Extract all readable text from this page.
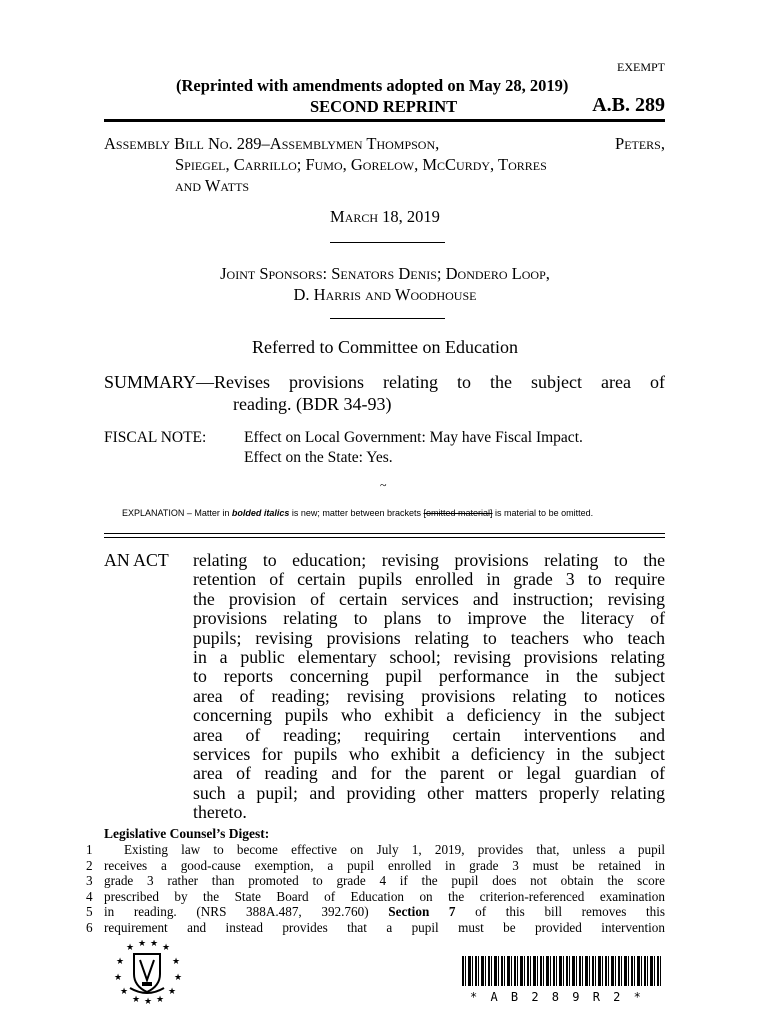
EXEMPT
(Reprinted with amendments adopted on May 28, 2019)
SECOND REPRINT	A.B. 289
Assembly Bill No. 289–Assemblymen Thompson,	Peters,
Spiegel, Carrillo; Fumo, Gorelow, McCurdy, Torres
and Watts
March 18, 2019
Joint Sponsors: Senators Denis; Dondero Loop,
D. Harris and Woodhouse
Referred to Committee on Education
SUMMARY—Revises provisions relating to the subject area of
reading. (BDR 34-93)
FISCAL NOTE: Effect on Local Government: May have Fiscal Impact.
Effect on the State: Yes.
~
EXPLANATION – Matter in bolded italics is new; matter between brackets [omitted material] is material to be omitted.
AN ACT relating to education; revising provisions relating to the
retention of certain pupils enrolled in grade 3 to require
the provision of certain services and instruction; revising
provisions relating to plans to improve the literacy of
pupils; revising provisions relating to teachers who teach
in a public elementary school; revising provisions relating
to reports concerning pupil performance in the subject
area of reading; revising provisions relating to notices
concerning pupils who exhibit a deficiency in the subject
area of reading; requiring certain interventions and
services for pupils who exhibit a deficiency in the subject
area of reading and for the parent or legal guardian of
such a pupil; and providing other matters properly relating
thereto.
Legislative Counsel’s Digest:
1
2
3
4
5
6
Existing law to become effective on July 1, 2019, provides that, unless a pupil
receives a good-cause exemption, a pupil enrolled in grade 3 must be retained in
grade 3 rather than promoted to grade 4 if the pupil does not obtain the score
prescribed by the State Board of Education on the criterion-referenced examination
in reading. (NRS 388A.487, 392.760) Section 7 of this bill removes this
requirement and instead provides that a pupil must be provided intervention
★ ★ ★ ★
★	★
★	★
★	★
★ ★ ★	* A B 2 8 9 R 2 *
